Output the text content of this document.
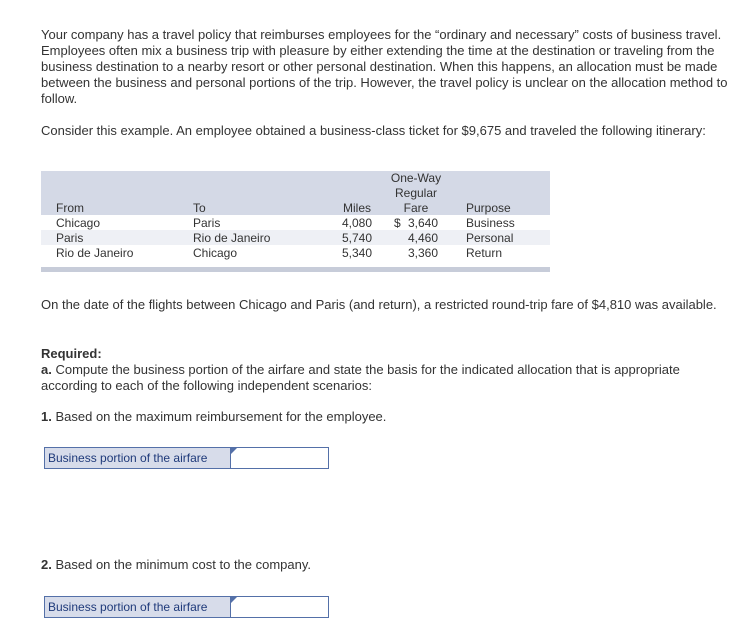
Your company has a travel policy that reimburses employees for the “ordinary and necessary” costs of business travel. Employees often mix a business trip with pleasure by either extending the time at the destination or traveling from the business destination to a nearby resort or other personal destination. When this happens, an allocation must be made between the business and personal portions of the trip. However, the travel policy is unclear on the allocation method to follow.

Consider this example. An employee obtained a business-class ticket for $9,675 and traveled the following itinerary:

From	To	Miles
One-Way
Regular
Fare	Purpose
Chicago	Paris	4,080 $ 3,640 Business
Paris	Rio de Janeiro	5,740	4,460 Personal
Rio de Janeiro	Chicago	5,340	3,360 Return

On the date of the flights between Chicago and Paris (and return), a restricted round-trip fare of $4,810 was available.

Required:
a. Compute the business portion of the airfare and state the basis for the indicated allocation that is appropriate according to each of the following independent scenarios:
1. Based on the maximum reimbursement for the employee.
Business portion of the airfare
2. Based on the minimum cost to the company.
Business portion of the airfare
